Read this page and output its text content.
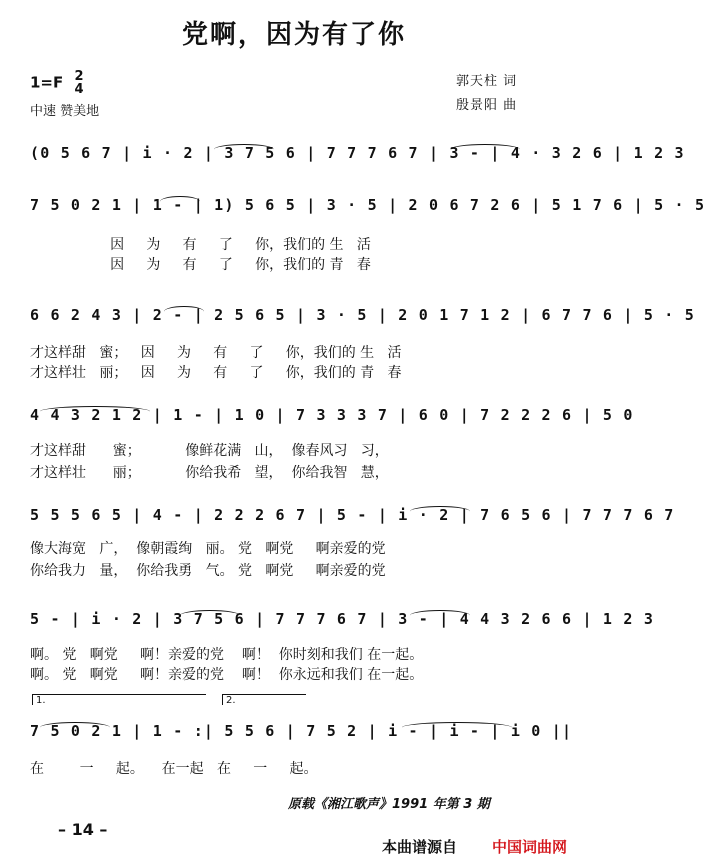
党啊，因为有了你
1=F 2
4
中速 赞美地
郭天柱 词
殷景阳 曲
(0 5 6 7 | i · 2 | 3 7 5 6 | 7 7 7 6 7 | 3 - | 4 · 3 2 6 | 1 2 3
7 5 0 2 1 | 1 - | 1) 5 6 5 | 3 · 5 | 2 0 6 7 2 6 | 5 1 7 6 | 5 · 5
因     为     有     了     你，我们的 生   活
因     为     有     了     你，我们的 青   春
6 6 2 4 3 | 2 - | 2 5 6 5 | 3 · 5 | 2 0 1 7 1 2 | 6 7 7 6 | 5 · 5
才这样甜   蜜；   因     为     有     了     你，我们的 生   活
才这样壮   丽；   因     为     有     了     你，我们的 青   春
4 4 3 2 1 2 | 1 - | 1 0 | 7 3 3 3 7 | 6 0 | 7 2 2 2 6 | 5 0
才这样甜      蜜；          像鲜花满   山，  像春风习   习，
才这样壮      丽；          你给我希   望，  你给我智   慧，
5 5 5 6 5 | 4 - | 2 2 2 6 7 | 5 - | i · 2 | 7 6 5 6 | 7 7 7 6 7
像大海宽   广，  像朝霞绚   丽。 党   啊党     啊亲爱的党
你给我力   量，  你给我勇   气。 党   啊党     啊亲爱的党
5 - | i · 2 | 3 7 5 6 | 7 7 7 6 7 | 3 - | 4 4 3 2 6 6 | 1 2 3
啊。 党   啊党     啊！亲爱的党    啊！  你时刻和我们 在一起。
啊。 党   啊党     啊！亲爱的党    啊！  你永远和我们 在一起。
1.	2.
7 5 0 2 1 | 1 - :| 5 5 6 | 7 5 2 | i - | i - | i 0 ||
在        一     起。    在一起   在     一     起。
原载《湘江歌声》1991 年第 3 期
– 14 –
本曲谱源自 中国词曲网
